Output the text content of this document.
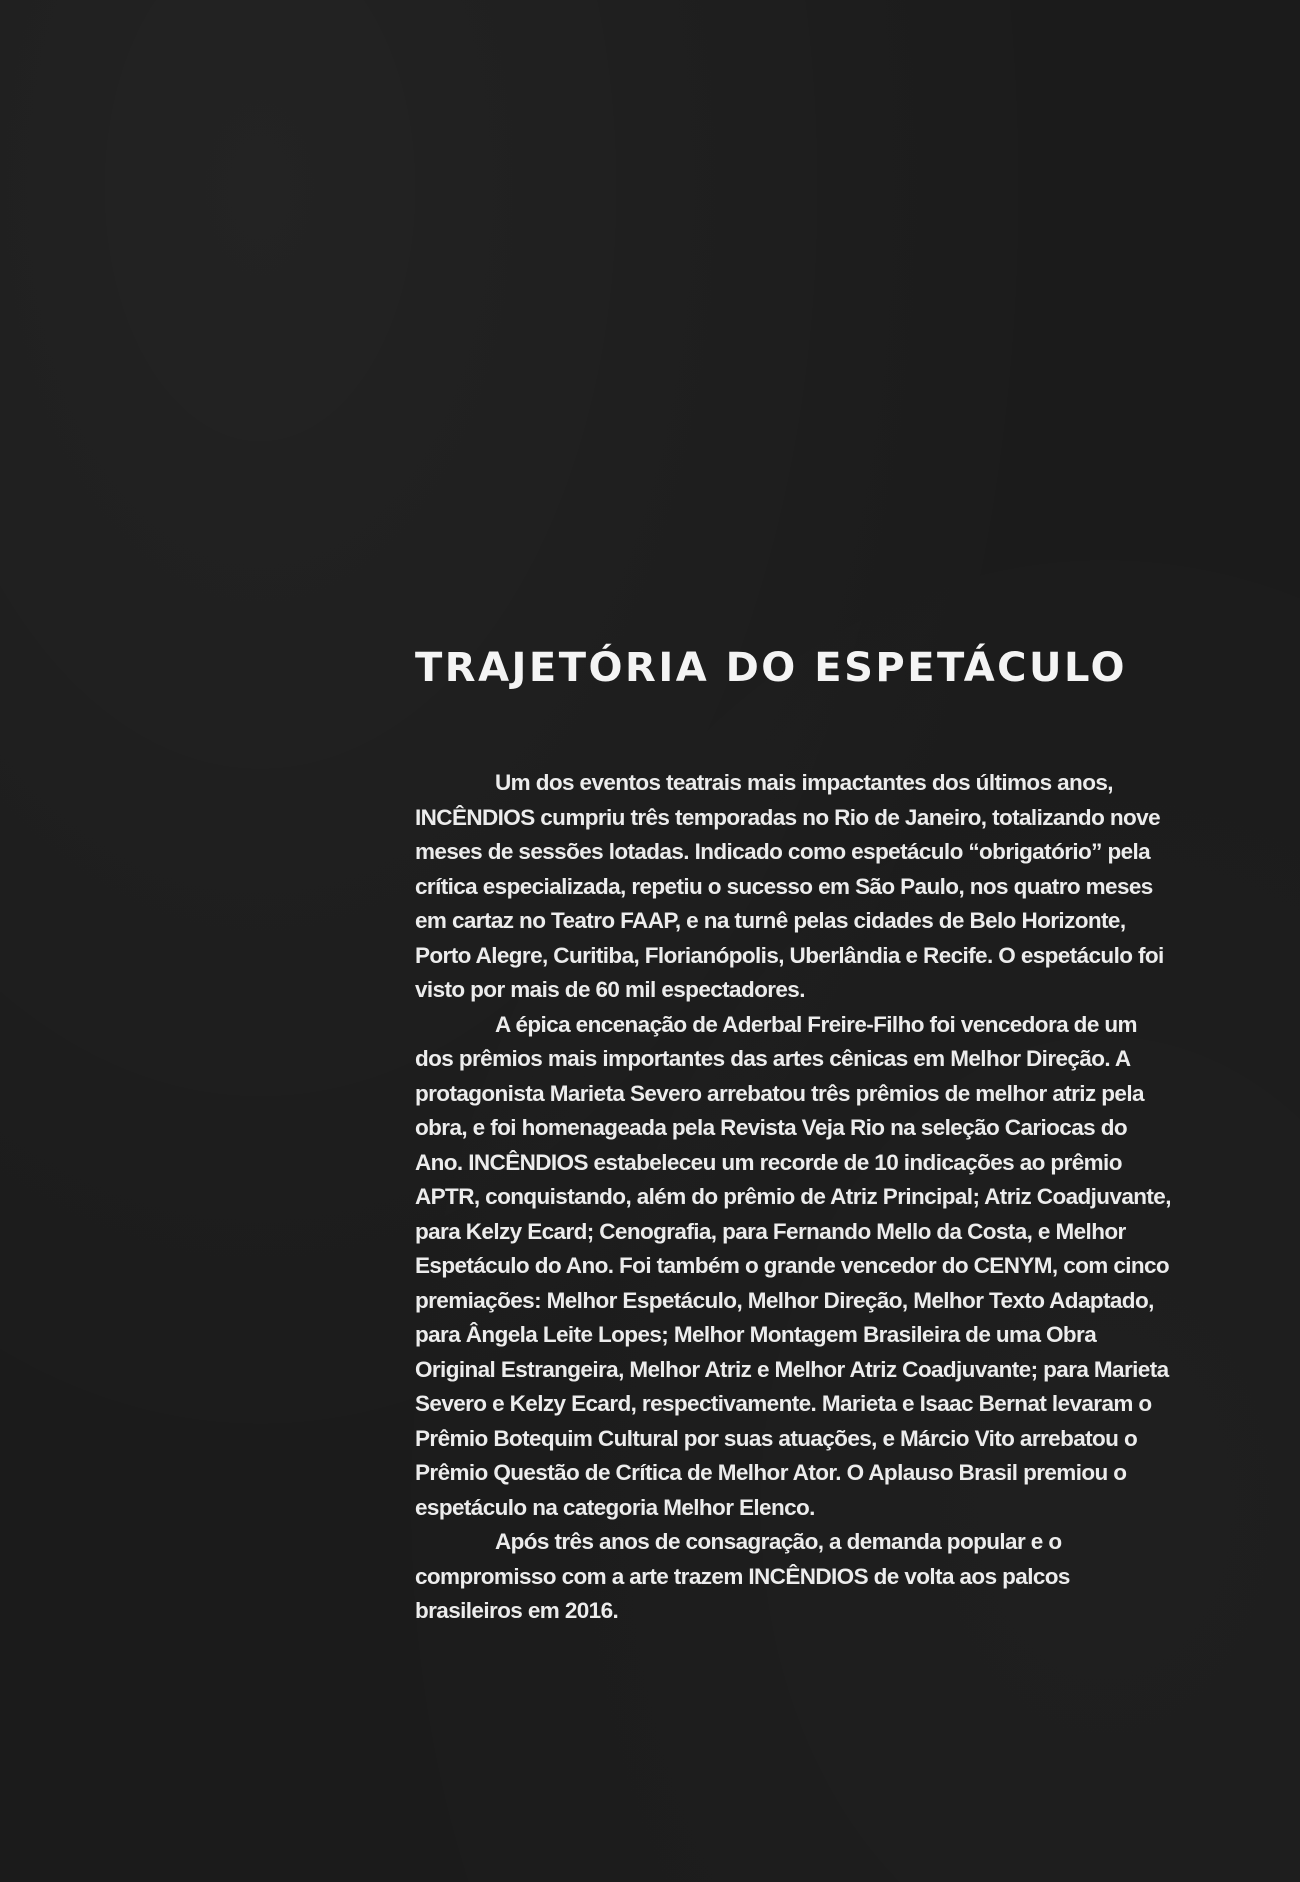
TRAJETÓRIA DO ESPETÁCULO

Um dos eventos teatrais mais impactantes dos últimos anos, INCÊNDIOS cumpriu três temporadas no Rio de Janeiro, totalizando nove meses de sessões lotadas. Indicado como espetáculo “obrigatório” pela crítica especializada, repetiu o sucesso em São Paulo, nos quatro meses em cartaz no Teatro FAAP, e na turnê pelas cidades de Belo Horizonte, Porto Alegre, Curitiba, Florianópolis, Uberlândia e Recife. O espetáculo foi visto por mais de 60 mil espectadores.

A épica encenação de Aderbal Freire-Filho foi vencedora de um dos prêmios mais importantes das artes cênicas em Melhor Direção. A protagonista Marieta Severo arrebatou três prêmios de melhor atriz pela obra, e foi homenageada pela Revista Veja Rio na seleção Cariocas do Ano. INCÊNDIOS estabeleceu um recorde de 10 indicações ao prêmio APTR, conquistando, além do prêmio de Atriz Principal; Atriz Coadjuvante, para Kelzy Ecard; Cenografia, para Fernando Mello da Costa, e Melhor Espetáculo do Ano. Foi também o grande vencedor do CENYM, com cinco premiações: Melhor Espetáculo, Melhor Direção, Melhor Texto Adaptado, para Ângela Leite Lopes; Melhor Montagem Brasileira de uma Obra Original Estrangeira, Melhor Atriz e Melhor Atriz Coadjuvante; para Marieta Severo e Kelzy Ecard, respectivamente. Marieta e Isaac Bernat levaram o Prêmio Botequim Cultural por suas atuações, e Márcio Vito arrebatou o Prêmio Questão de Crítica de Melhor Ator. O Aplauso Brasil premiou o espetáculo na categoria Melhor Elenco.

Após três anos de consagração, a demanda popular e o compromisso com a arte trazem INCÊNDIOS de volta aos palcos brasileiros em 2016.
